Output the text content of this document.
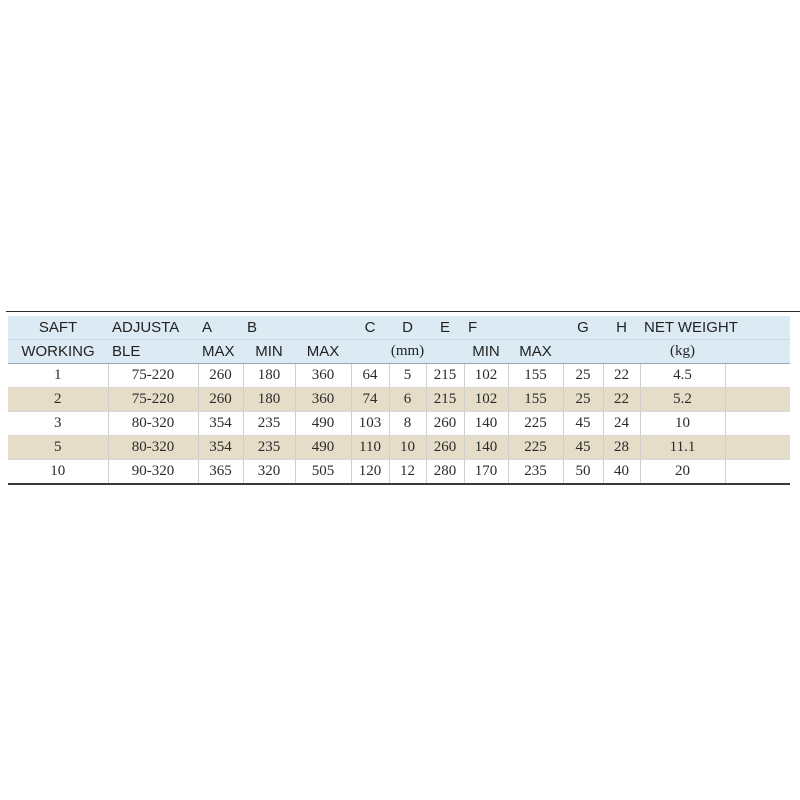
SAFT	ADJUSTA	A	B		C	D	E	F		G	H	NET WEIGHT	
WORKING	BLE	MAX	MIN	MAX	(mm)			MIN	MAX			(kg)	
1	75-220	260	180	360	64	5	215	102	155	25	22	4.5	
2	75-220	260	180	360	74	6	215	102	155	25	22	5.2	
3	80-320	354	235	490	103	8	260	140	225	45	24	10	
5	80-320	354	235	490	110	10	260	140	225	45	28	11.1	
10	90-320	365	320	505	120	12	280	170	235	50	40	20	
